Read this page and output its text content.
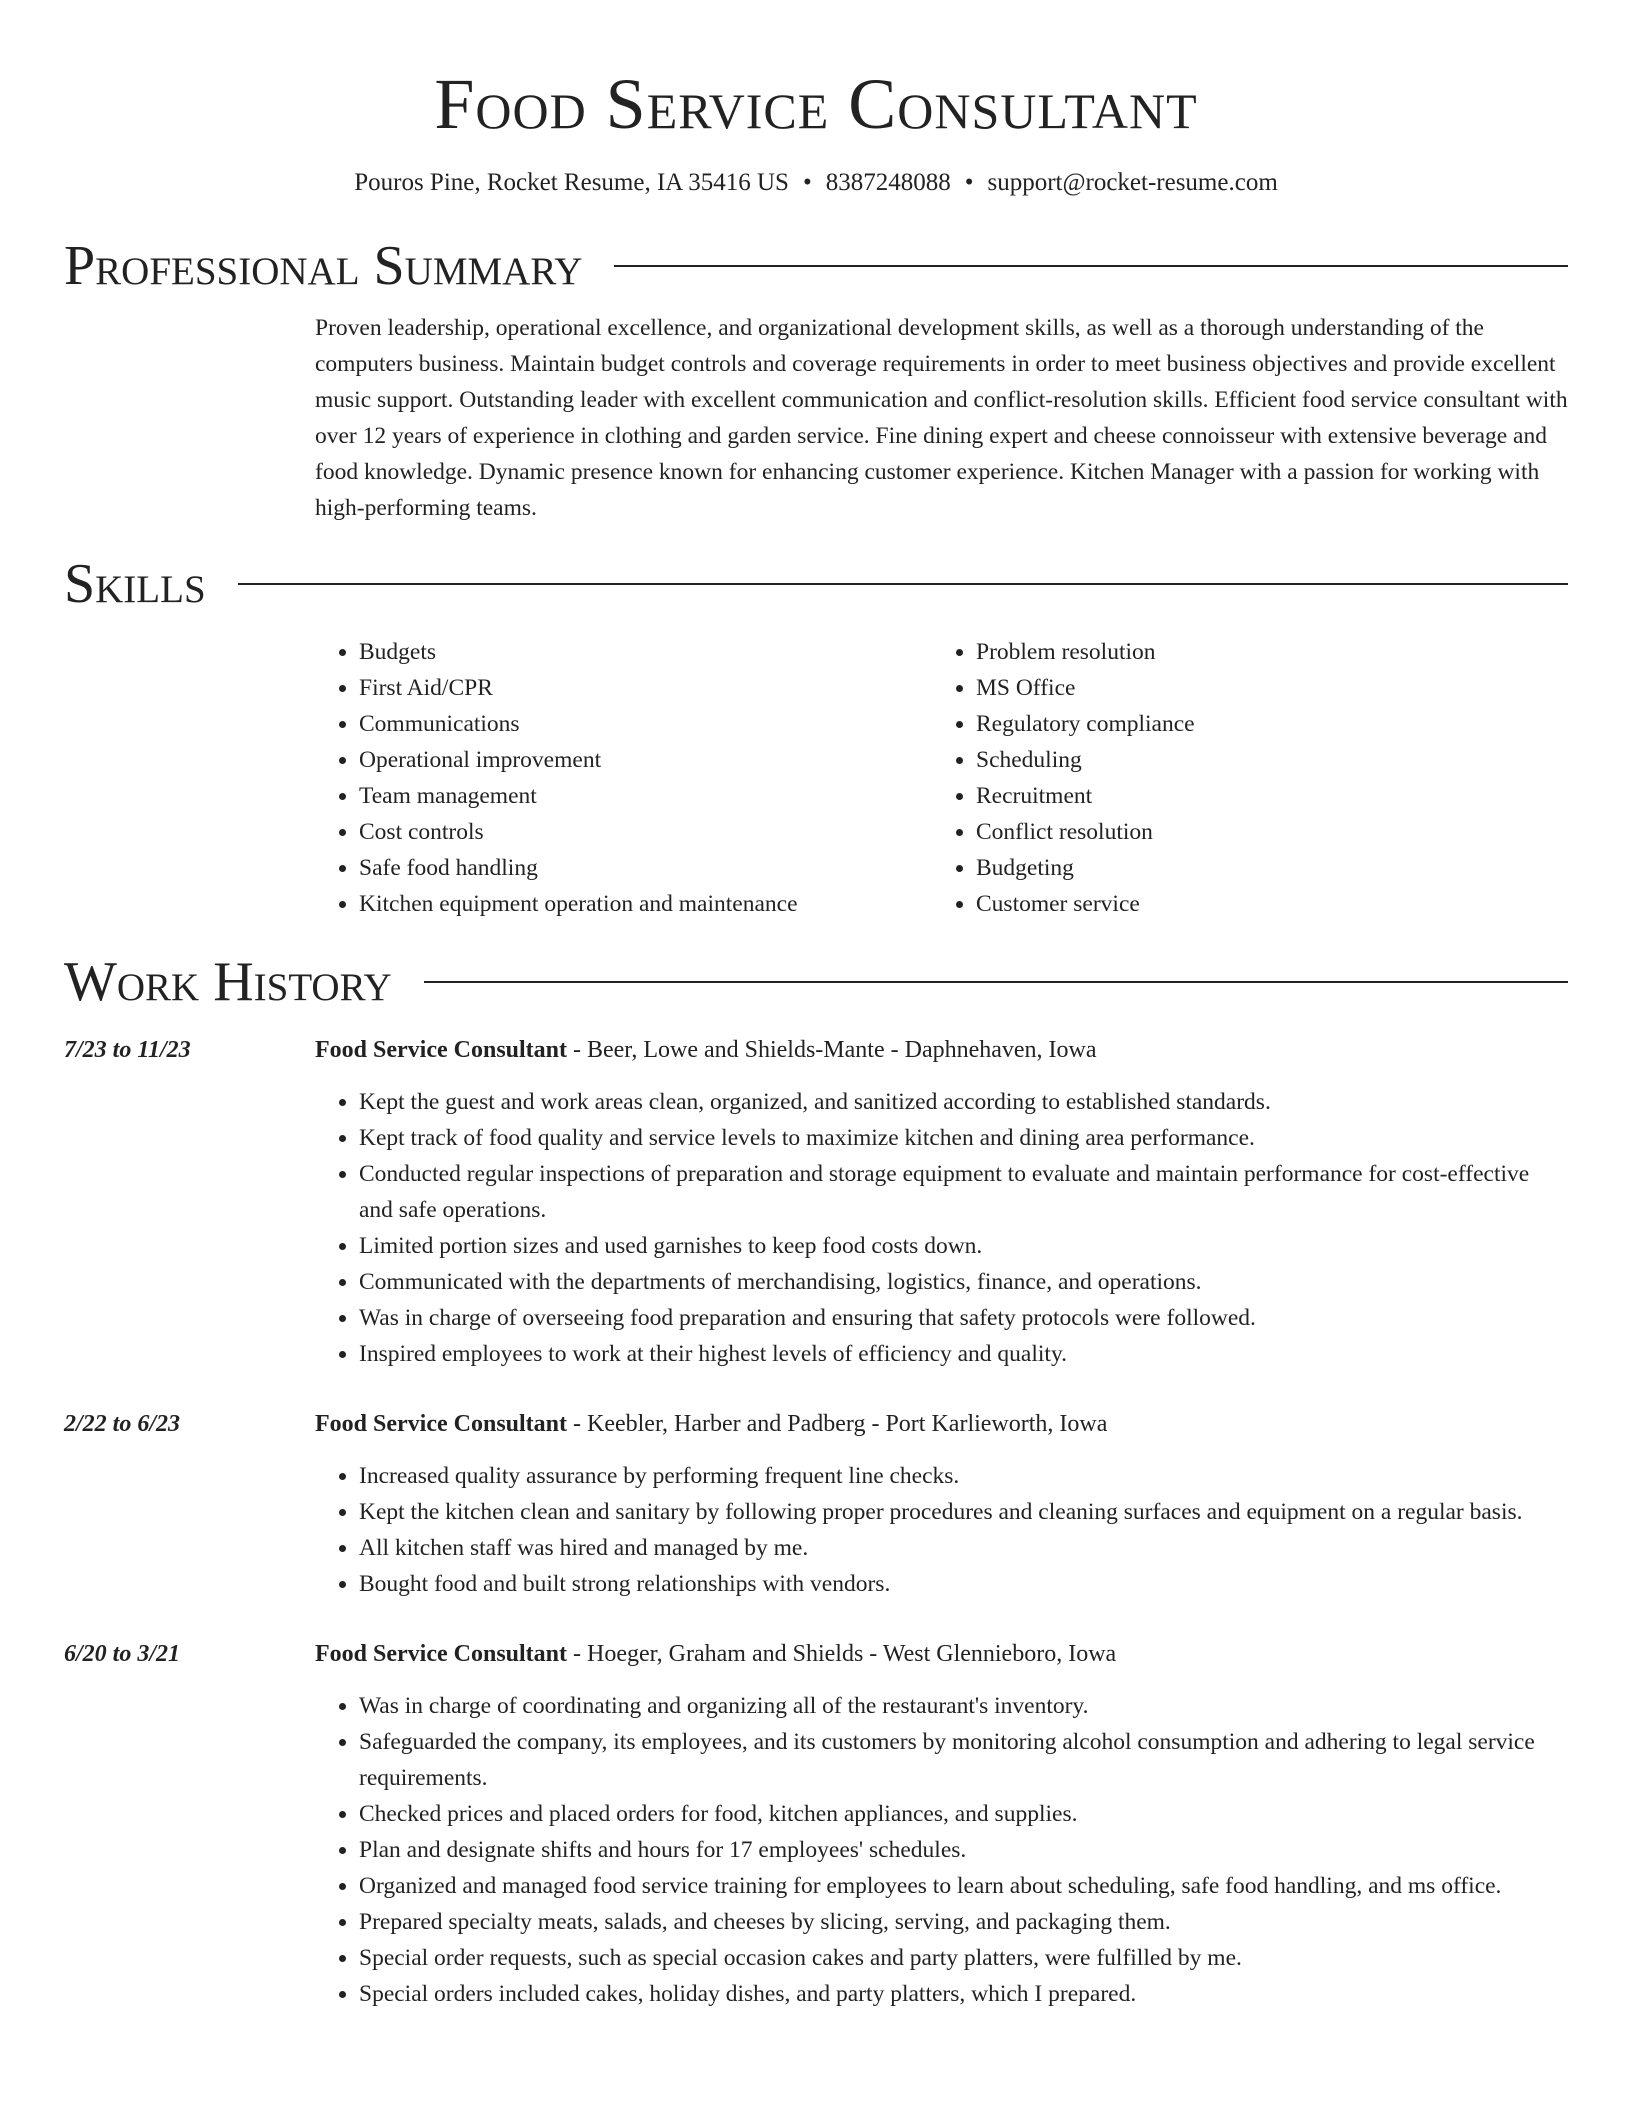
Food Service Consultant
Pouros Pine, Rocket Resume, IA 35416 US • 8387248088 • support@rocket-resume.com
Professional Summary
Proven leadership, operational excellence, and organizational development skills, as well as a thorough understanding of the computers business. Maintain budget controls and coverage requirements in order to meet business objectives and provide excellent music support. Outstanding leader with excellent communication and conflict-resolution skills. Efficient food service consultant with over 12 years of experience in clothing and garden service. Fine dining expert and cheese connoisseur with extensive beverage and food knowledge. Dynamic presence known for enhancing customer experience. Kitchen Manager with a passion for working with high-performing teams.
Skills
• Budgets
• First Aid/CPR
• Communications
• Operational improvement
• Team management
• Cost controls
• Safe food handling
• Kitchen equipment operation and maintenance
• Problem resolution
• MS Office
• Regulatory compliance
• Scheduling
• Recruitment
• Conflict resolution
• Budgeting
• Customer service
Work History
7/23 to 11/23	Food Service Consultant - Beer, Lowe and Shields-Mante - Daphnehaven, Iowa
• Kept the guest and work areas clean, organized, and sanitized according to established standards.
• Kept track of food quality and service levels to maximize kitchen and dining area performance.
• Conducted regular inspections of preparation and storage equipment to evaluate and maintain performance for cost-effective and safe operations.
• Limited portion sizes and used garnishes to keep food costs down.
• Communicated with the departments of merchandising, logistics, finance, and operations.
• Was in charge of overseeing food preparation and ensuring that safety protocols were followed.
• Inspired employees to work at their highest levels of efficiency and quality.
2/22 to 6/23	Food Service Consultant - Keebler, Harber and Padberg - Port Karlieworth, Iowa
• Increased quality assurance by performing frequent line checks.
• Kept the kitchen clean and sanitary by following proper procedures and cleaning surfaces and equipment on a regular basis.
• All kitchen staff was hired and managed by me.
• Bought food and built strong relationships with vendors.
6/20 to 3/21	Food Service Consultant - Hoeger, Graham and Shields - West Glennieboro, Iowa
• Was in charge of coordinating and organizing all of the restaurant's inventory.
• Safeguarded the company, its employees, and its customers by monitoring alcohol consumption and adhering to legal service requirements.
• Checked prices and placed orders for food, kitchen appliances, and supplies.
• Plan and designate shifts and hours for 17 employees' schedules.
• Organized and managed food service training for employees to learn about scheduling, safe food handling, and ms office.
• Prepared specialty meats, salads, and cheeses by slicing, serving, and packaging them.
• Special order requests, such as special occasion cakes and party platters, were fulfilled by me.
• Special orders included cakes, holiday dishes, and party platters, which I prepared.
